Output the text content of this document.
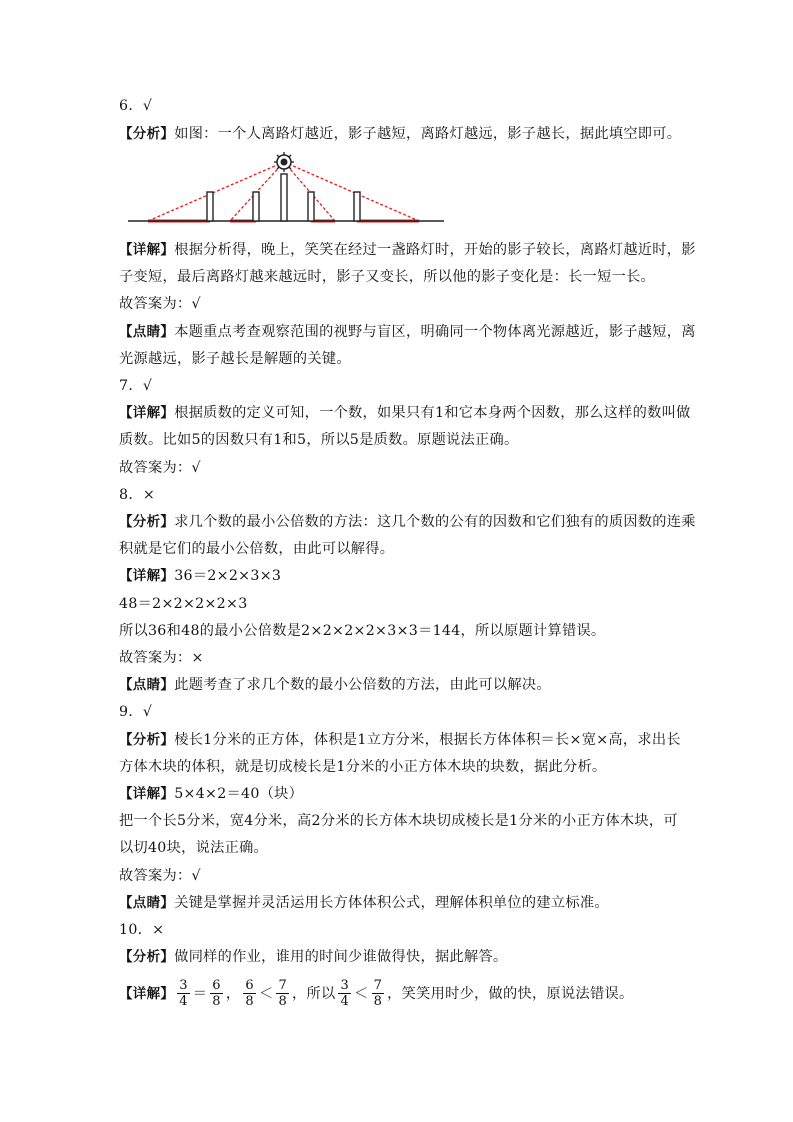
6．√
【分析】如图：一个人离路灯越近，影子越短，离路灯越远，影子越长，据此填空即可。
【详解】根据分析得，晚上，笑笑在经过一盏路灯时，开始的影子较长，离路灯越近时，影
子变短，最后离路灯越来越远时，影子又变长，所以他的影子变化是：长一短一长。
故答案为：√
【点睛】本题重点考查观察范围的视野与盲区，明确同一个物体离光源越近，影子越短，离
光源越远，影子越长是解题的关键。
7．√
【详解】根据质数的定义可知，一个数，如果只有1和它本身两个因数，那么这样的数叫做
质数。比如5的因数只有1和5，所以5是质数。原题说法正确。
故答案为：√
8．×
【分析】求几个数的最小公倍数的方法：这几个数的公有的因数和它们独有的质因数的连乘
积就是它们的最小公倍数，由此可以解得。
【详解】36＝2×2×3×3
48＝2×2×2×2×3
所以36和48的最小公倍数是2×2×2×2×3×3＝144，所以原题计算错误。
故答案为：×
【点睛】此题考查了求几个数的最小公倍数的方法，由此可以解决。
9．√
【分析】棱长1分米的正方体，体积是1立方分米，根据长方体体积＝长×宽×高，求出长
方体木块的体积，就是切成棱长是1分米的小正方体木块的块数，据此分析。
【详解】5×4×2＝40（块）
把一个长5分米，宽4分米，高2分米的长方体木块切成棱长是1分米的小正方体木块，可
以切40块，说法正确。
故答案为：√
【点睛】关键是掌握并灵活运用长方体体积公式，理解体积单位的建立标准。
10．×
【分析】做同样的作业，谁用的时间少谁做得快，据此解答。
【详解】 $\frac{3}{4} = \frac{6}{8}$ ， $\frac{6}{8} < \frac{7}{8}$ ，所以 $\frac{3}{4} < \frac{7}{8}$ ，笑笑用时少，做的快，原说法错误。
